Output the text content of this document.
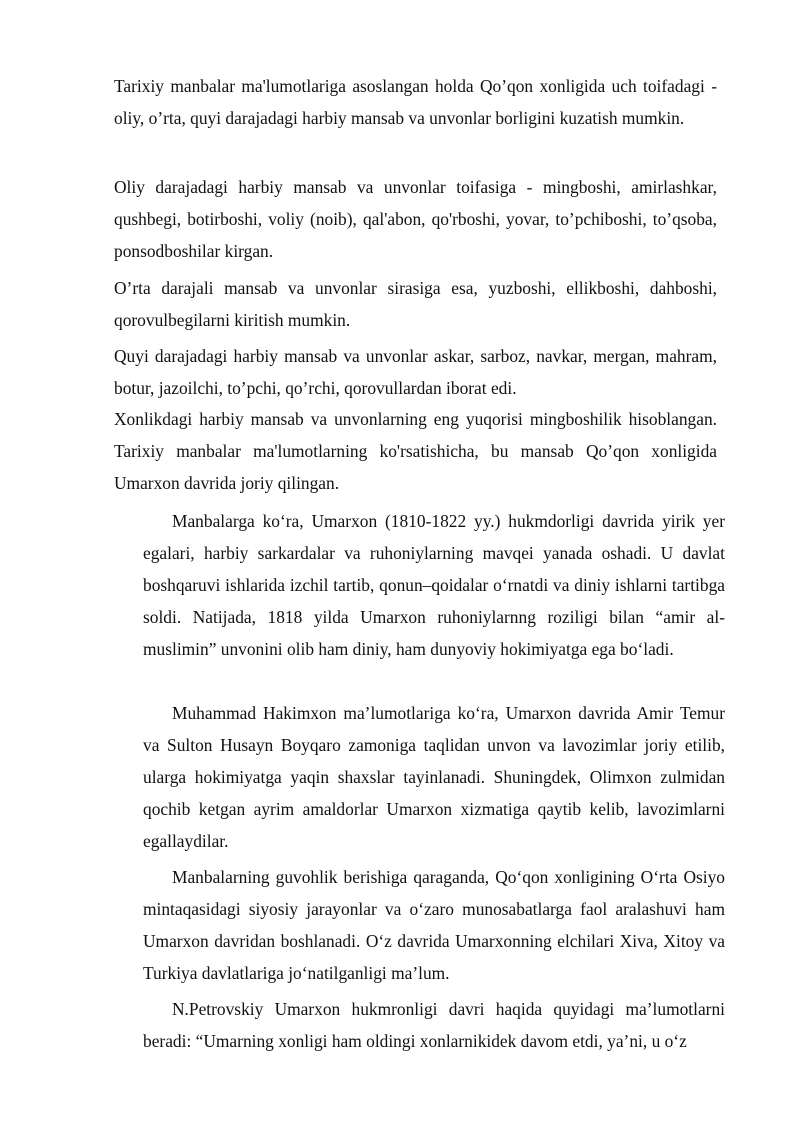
Tarixiy manbalar ma'lumotlariga asoslangan holda Qo’qon xonligida uch toifadagi - oliy, o’rta, quyi darajadagi harbiy mansab va unvonlar borligini kuzatish mumkin.

Oliy darajadagi harbiy mansab va unvonlar toifasiga - mingboshi, amirlashkar, qushbegi, botirboshi, voliy (noib), qal'abon, qo'rboshi, yovar, to’pchiboshi, to’qsoba, ponsodboshilar kirgan.

O’rta darajali mansab va unvonlar sirasiga esa, yuzboshi, ellikboshi, dahboshi, qorovulbegilarni kiritish mumkin.

Quyi darajadagi harbiy mansab va unvonlar askar, sarboz, navkar, mergan, mahram, botur, jazoilchi, to’pchi, qo’rchi, qorovullardan iborat edi.

Xonlikdagi harbiy mansab va unvonlarning eng yuqorisi mingboshilik hisoblangan. Tarixiy manbalar ma'lumotlarning ko'rsatishicha, bu mansab Qo’qon xonligida Umarxon davrida joriy qilingan.

Manbalarga ko‘ra, Umarxon (1810-1822 yy.) hukmdorligi davrida yirik yer egalari, harbiy sarkardalar va ruhoniylarning mavqei yanada oshadi. U davlat boshqaruvi ishlarida izchil tartib, qonun–qoidalar o‘rnatdi va diniy ishlarni tartibga soldi. Natijada, 1818 yilda Umarxon ruhoniylarnng roziligi bilan “amir al-muslimin” unvonini olib ham diniy, ham dunyoviy hokimiyatga ega bo‘ladi.

Muhammad Hakimxon ma’lumotlariga ko‘ra, Umarxon davrida Amir Temur va Sulton Husayn Boyqaro zamoniga taqlidan unvon va lavozimlar joriy etilib, ularga hokimiyatga yaqin shaxslar tayinlanadi. Shuningdek, Olimxon zulmidan qochib ketgan ayrim amaldorlar Umarxon xizmatiga qaytib kelib, lavozimlarni egallaydilar.

Manbalarning guvohlik berishiga qaraganda, Qo‘qon xonligining O‘rta Osiyo mintaqasidagi siyosiy jarayonlar va o‘zaro munosabatlarga faol aralashuvi ham Umarxon davridan boshlanadi. O‘z davrida Umarxonning elchilari Xiva, Xitoy va Turkiya davlatlariga jo‘natilganligi ma’lum.

N.Petrovskiy Umarxon hukmronligi davri haqida quyidagi ma’lumotlarni beradi: “Umarning xonligi ham oldingi xonlarnikidek davom etdi, ya’ni, u o‘z
